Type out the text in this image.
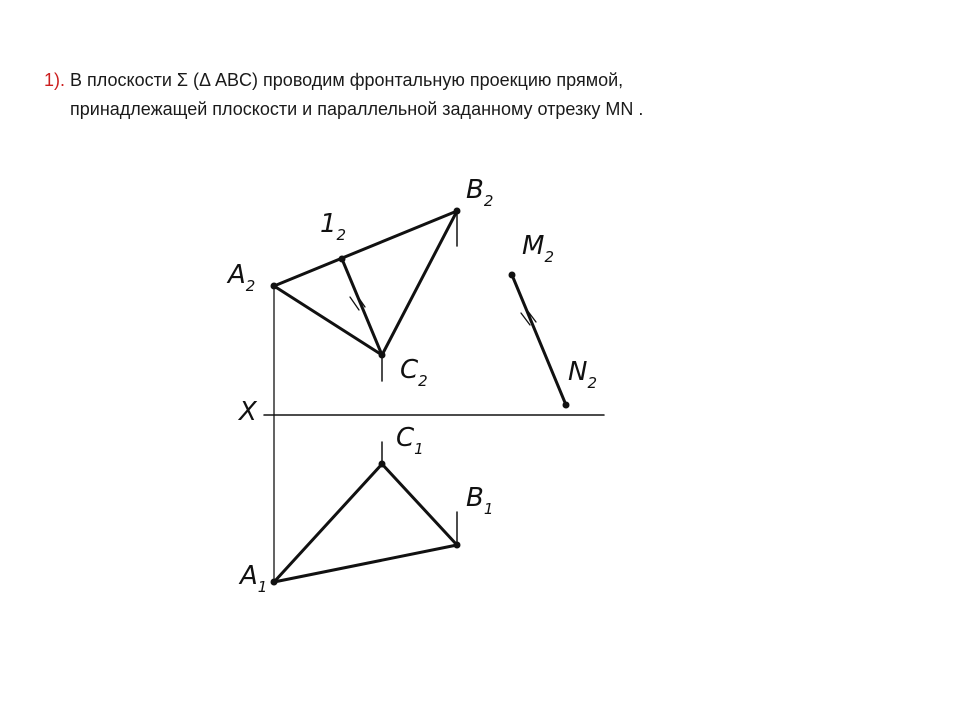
1). В плоскости Σ (Δ ABC) проводим фронтальную проекцию прямой,
принадлежащей плоскости и параллельной заданному отрезку MN .
$A_2$
$B_2$
$C_2$
$1_2$	$M_2$
$N_2$
X
$C_1$
$B_1$
$A_1$
